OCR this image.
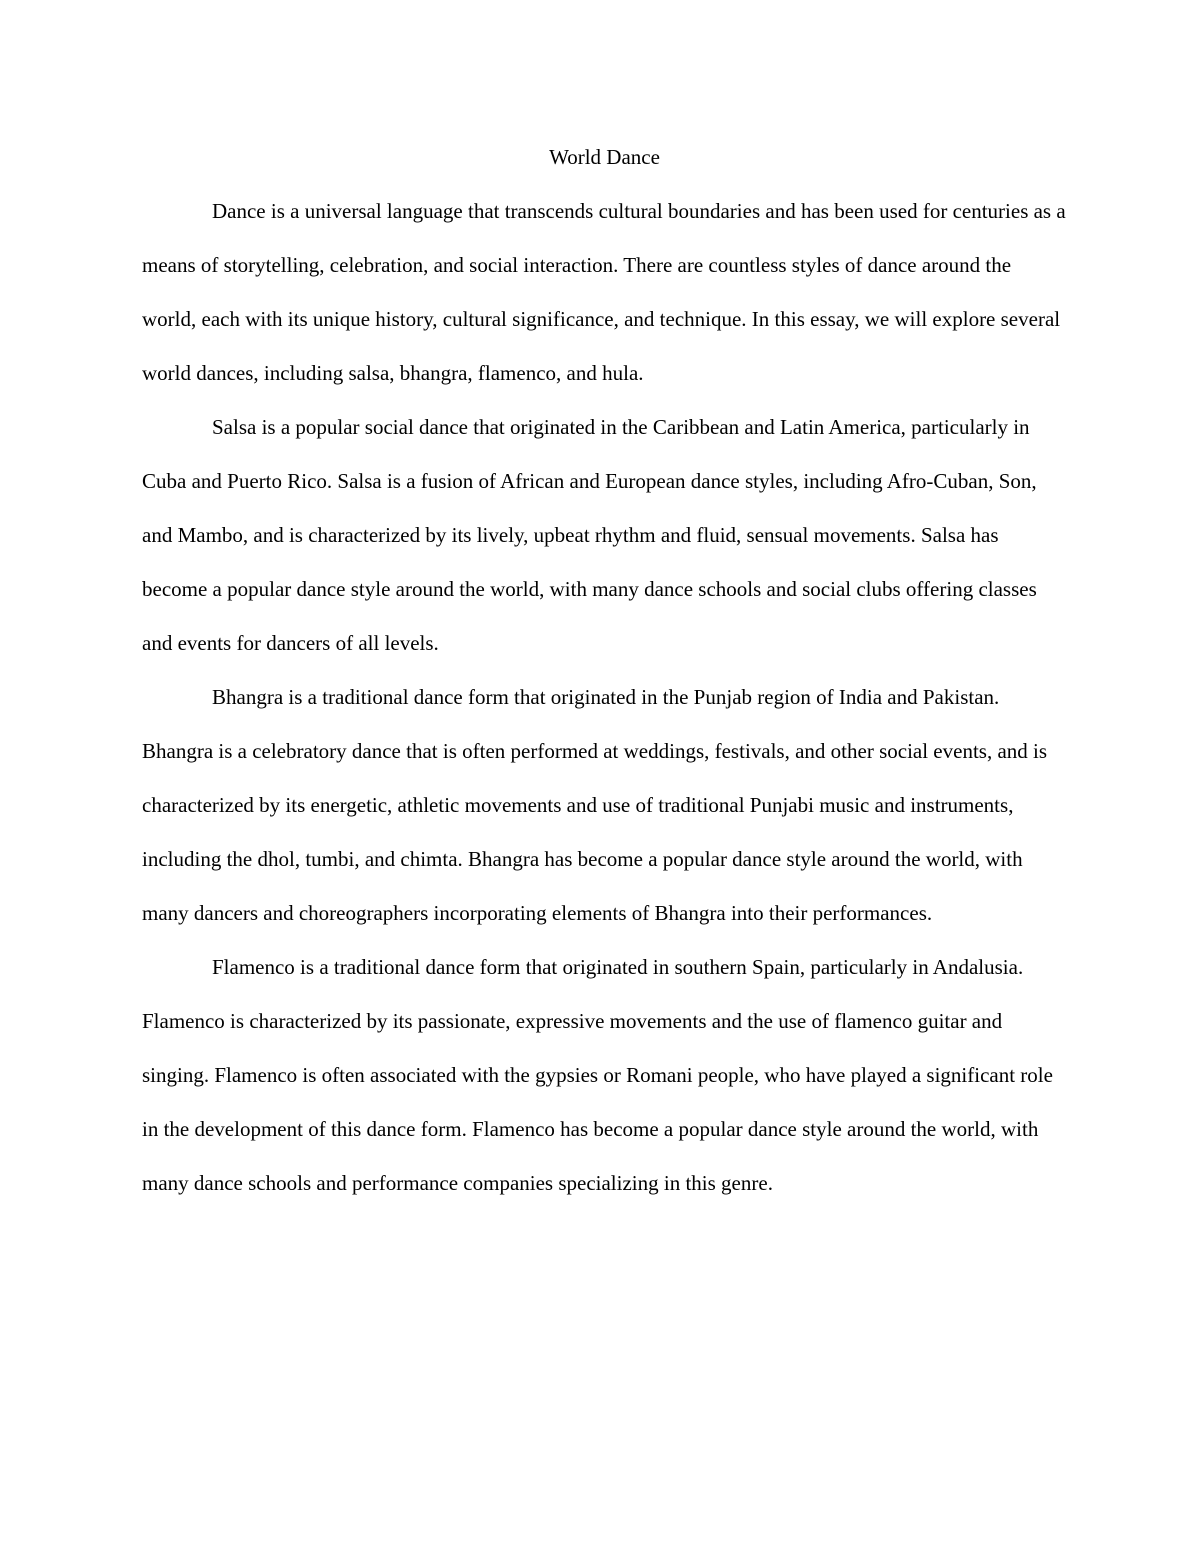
World Dance

Dance is a universal language that transcends cultural boundaries and has been used for centuries as a means of storytelling, celebration, and social interaction. There are countless styles of dance around the world, each with its unique history, cultural significance, and technique. In this essay, we will explore several world dances, including salsa, bhangra, flamenco, and hula.

Salsa is a popular social dance that originated in the Caribbean and Latin America, particularly in Cuba and Puerto Rico. Salsa is a fusion of African and European dance styles, including Afro-Cuban, Son, and Mambo, and is characterized by its lively, upbeat rhythm and fluid, sensual movements. Salsa has become a popular dance style around the world, with many dance schools and social clubs offering classes and events for dancers of all levels.

Bhangra is a traditional dance form that originated in the Punjab region of India and Pakistan. Bhangra is a celebratory dance that is often performed at weddings, festivals, and other social events, and is characterized by its energetic, athletic movements and use of traditional Punjabi music and instruments, including the dhol, tumbi, and chimta. Bhangra has become a popular dance style around the world, with many dancers and choreographers incorporating elements of Bhangra into their performances.

Flamenco is a traditional dance form that originated in southern Spain, particularly in Andalusia. Flamenco is characterized by its passionate, expressive movements and the use of flamenco guitar and singing. Flamenco is often associated with the gypsies or Romani people, who have played a significant role in the development of this dance form. Flamenco has become a popular dance style around the world, with many dance schools and performance companies specializing in this genre.
